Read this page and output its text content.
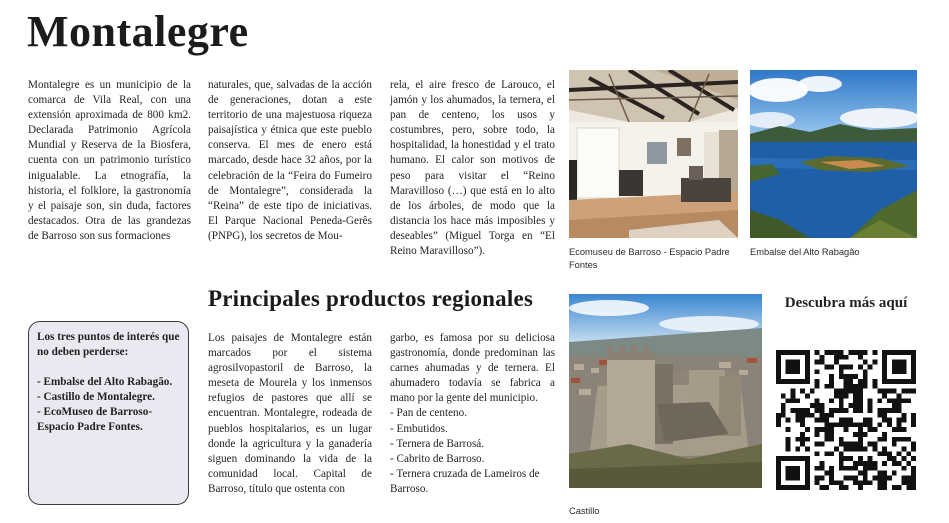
Montalegre

Montalegre es un municipio de la comarca de Vila Real, con una extensión aproximada de 800 km2. Declarada Patrimonio Agrícola Mundial y Reserva de la Biosfera, cuenta con un patrimonio turístico inigualable. La etnografía, la historia, el folklore, la gastronomía y el paisaje son, sin duda, factores destacados. Otra de las grandezas de Barroso son sus formaciones

naturales, que, salvadas de la acción de generaciones, dotan a este territorio de una majestuosa riqueza paisajística y étnica que este pueblo conserva. El mes de enero está marcado, desde hace 32 años, por la celebración de la “Feira do Fumeiro de Montalegre”, considerada la “Reina” de este tipo de iniciativas. El Parque Nacional Peneda-Gerês (PNPG), los secretos de Mou-

rela, el aire fresco de Larouco, el jamón y los ahumados, la ternera, el pan de centeno, los usos y costumbres, pero, sobre todo, la hospitalidad, la honestidad y el trato humano. El calor son motivos de peso para visitar el “Reino Maravilloso (…) que está en lo alto de los árboles, de modo que la distancia los hace más imposibles y deseables” (Miguel Torga en “El Reino Maravilloso”).

Principales productos regionales

Los paisajes de Montalegre están marcados por el sistema agrosilvopastoril de Barroso, la meseta de Mourela y los inmensos refugios de pastores que allí se encuentran. Montalegre, rodeada de pueblos hospitalarios, es un lugar donde la agricultura y la ganadería siguen dominando la vida de la comunidad local. Capital de Barroso, título que ostenta con

garbo, es famosa por su deliciosa gastronomía, donde predominan las carnes ahumadas y de ternera. El ahumadero todavía se fabrica a mano por la gente del municipio.

- Pan de centeno.
- Embutidos.
- Ternera de Barrosá.
- Cabrito de Barroso.
- Ternera cruzada de Lameiros de Barroso.
Los tres puntos de interés que no deben perderse:
- Embalse del Alto Rabagão.
- Castillo de Montalegre.
- EcoMuseo de Barroso-Espacio Padre Fontes.
Ecomuseu de Barroso - Espacio Padre Fontes
Embalse del Alto Rabagão
Castillo
Descubra más aquí
